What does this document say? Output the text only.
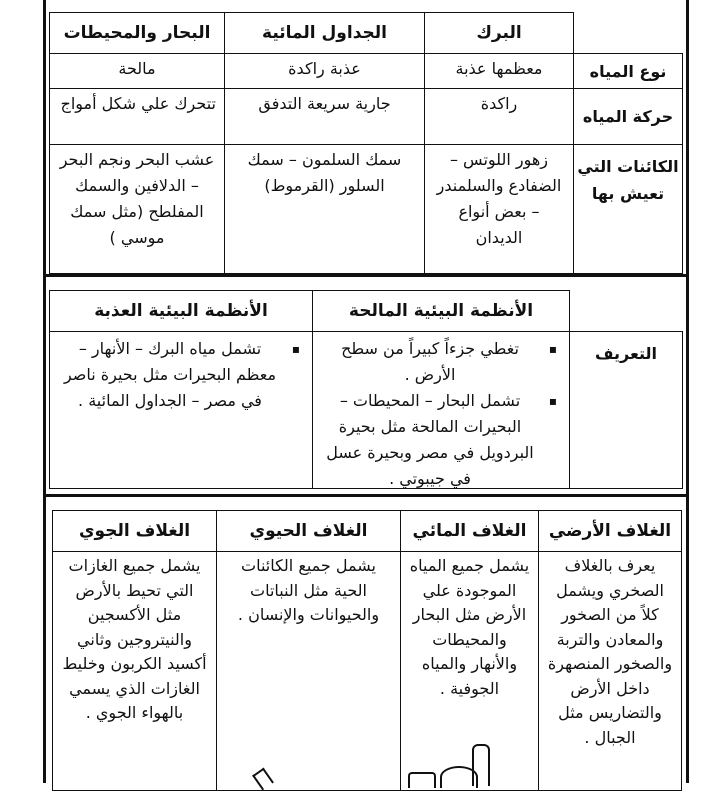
البرك
الجداول المائية
البحار والمحيطات
نوع المياه
معظمها عذبة
عذبة راكدة
مالحة
حركة المياه
راكدة
جارية سريعة التدفق
تتحرك علي شكل أمواج
الكائنات التي تعيش بها
زهور اللوتس – الضفادع والسلمندر – بعض أنواع الديدان
سمك السلمون – سمك السلور (القرموط)
عشب البحر ونجم البحر – الدلافين والسمك المفلطح (مثل سمك موسي )
الأنظمة البيئية المالحة
الأنظمة البيئية العذبة
التعريف
▪ تغطي جزءاً كبيراً من سطح الأرض .
▪ تشمل البحار – المحيطات – البحيرات المالحة مثل بحيرة البردويل في مصر وبحيرة عسل في جيبوتي .
▪ تشمل مياه البرك – الأنهار – معظم البحيرات مثل بحيرة ناصر في مصر – الجداول المائية .
الغلاف الأرضي
الغلاف المائي
الغلاف الحيوي
الغلاف الجوي
يعرف بالغلاف الصخري ويشمل كلاً من الصخور والمعادن والتربة والصخور المنصهرة داخل الأرض والتضاريس مثل الجبال .
يشمل جميع المياه الموجودة علي الأرض مثل البحار والمحيطات والأنهار والمياه الجوفية .
يشمل جميع الكائنات الحية مثل النباتات والحيوانات والإنسان .
يشمل جميع الغازات التي تحيط بالأرض مثل الأكسجين والنيتروجين وثاني أكسيد الكربون وخليط الغازات الذي يسمي بالهواء الجوي .
